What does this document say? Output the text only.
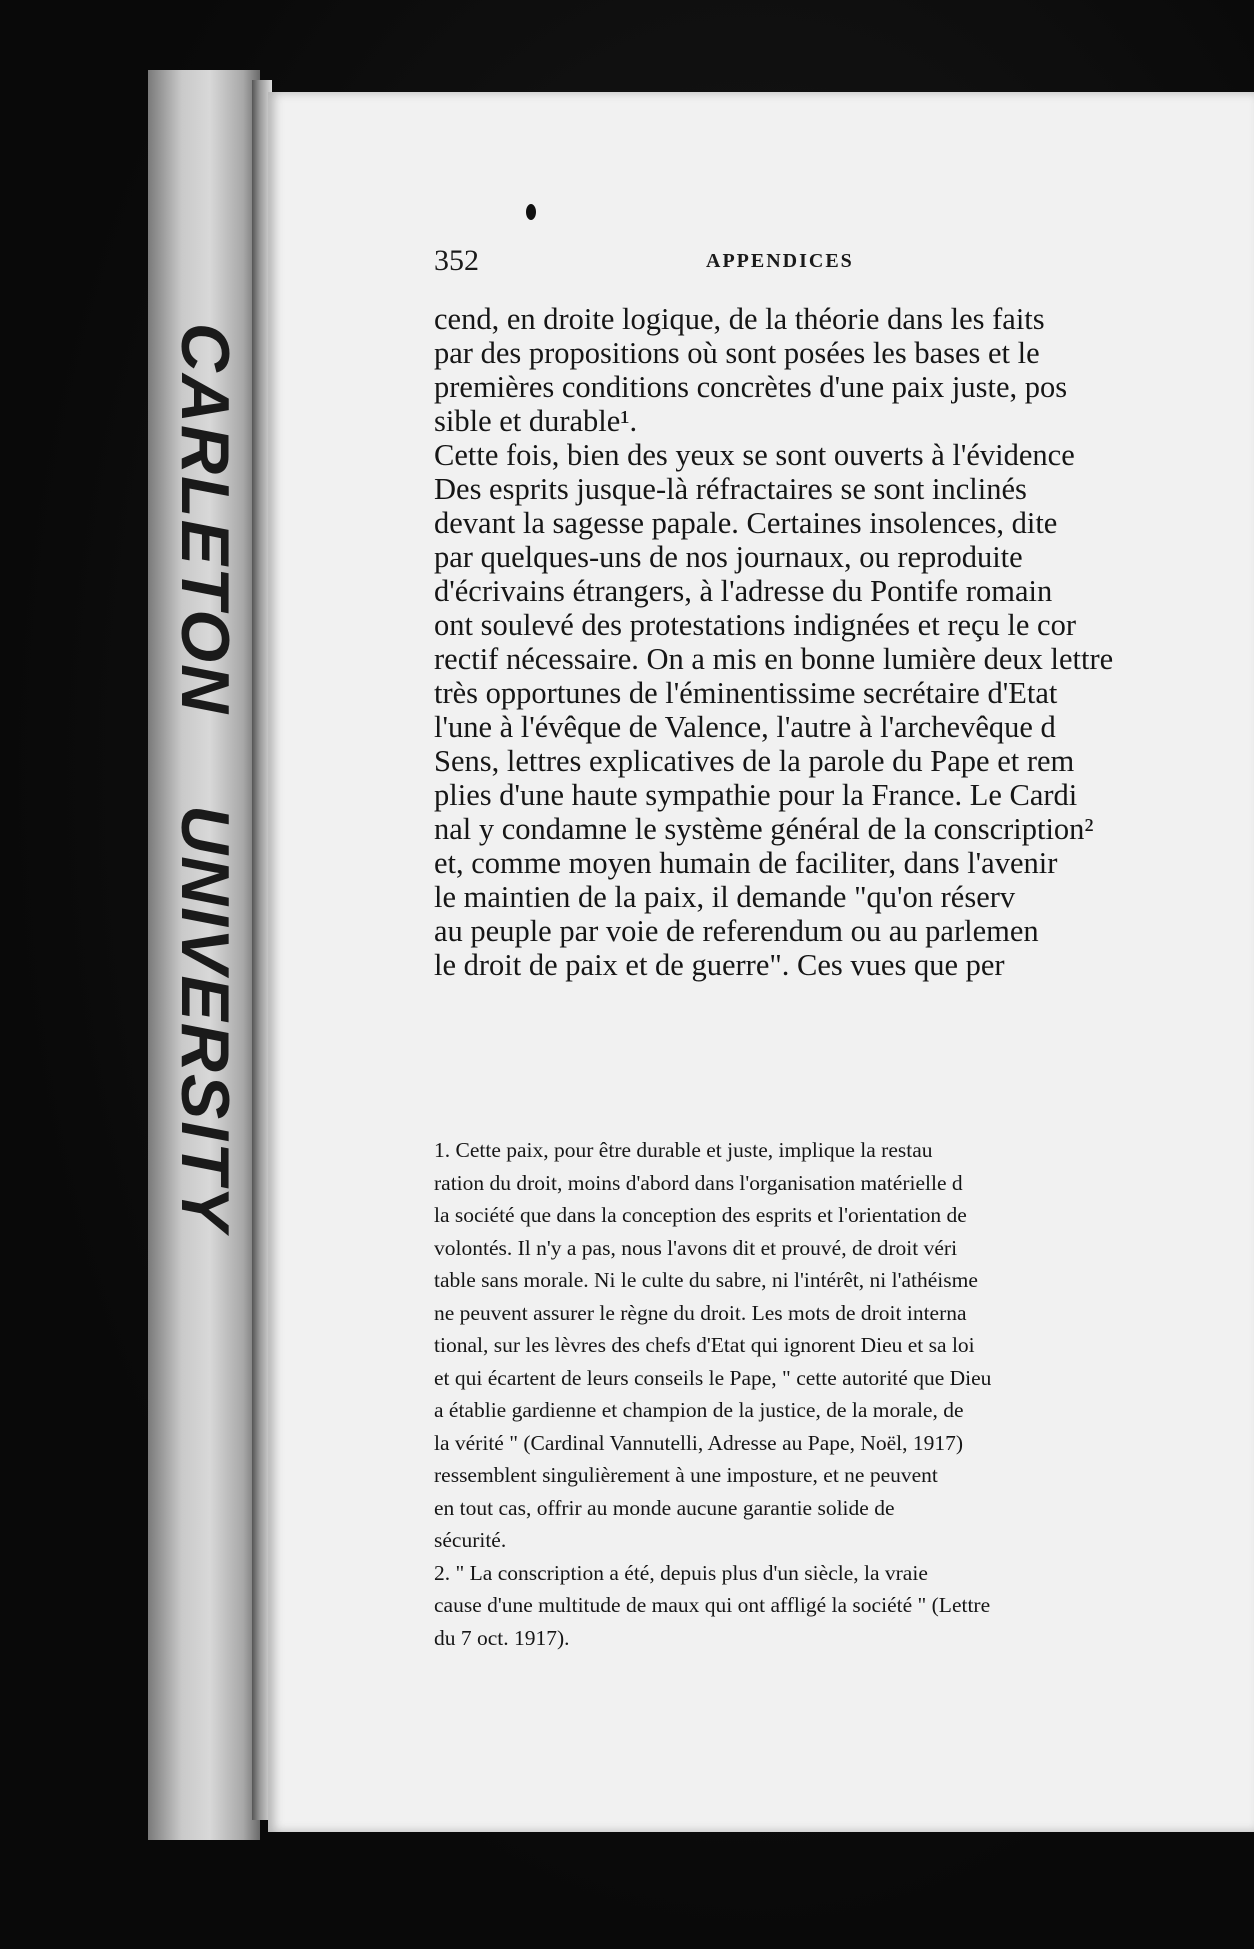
CARLETON
UNIVERSITY
352	APPENDICES
cend, en droite logique, de la théorie dans les faits
par des propositions où sont posées les bases et le
premières conditions concrètes d'une paix juste, pos
sible et durable¹.
Cette fois, bien des yeux se sont ouverts à l'évidence
Des esprits jusque-là réfractaires se sont inclinés
devant la sagesse papale. Certaines insolences, dite
par quelques-uns de nos journaux, ou reproduite
d'écrivains étrangers, à l'adresse du Pontife romain
ont soulevé des protestations indignées et reçu le cor
rectif nécessaire. On a mis en bonne lumière deux lettre
très opportunes de l'éminentissime secrétaire d'Etat
l'une à l'évêque de Valence, l'autre à l'archevêque d
Sens, lettres explicatives de la parole du Pape et rem
plies d'une haute sympathie pour la France. Le Cardi
nal y condamne le système général de la conscription²
et, comme moyen humain de faciliter, dans l'avenir
le maintien de la paix, il demande "qu'on réserv
au peuple par voie de referendum ou au parlemen
le droit de paix et de guerre". Ces vues que per
1. Cette paix, pour être durable et juste, implique la restau
ration du droit, moins d'abord dans l'organisation matérielle d
la société que dans la conception des esprits et l'orientation de
volontés. Il n'y a pas, nous l'avons dit et prouvé, de droit véri
table sans morale. Ni le culte du sabre, ni l'intérêt, ni l'athéisme
ne peuvent assurer le règne du droit. Les mots de droit interna
tional, sur les lèvres des chefs d'Etat qui ignorent Dieu et sa loi
et qui écartent de leurs conseils le Pape, " cette autorité que Dieu
a établie gardienne et champion de la justice, de la morale, de
la vérité " (Cardinal Vannutelli, Adresse au Pape, Noël, 1917)
ressemblent singulièrement à une imposture, et ne peuvent
en tout cas, offrir au monde aucune garantie solide de
sécurité.
2. " La conscription a été, depuis plus d'un siècle, la vraie
cause d'une multitude de maux qui ont affligé la société " (Lettre
du 7 oct. 1917).
